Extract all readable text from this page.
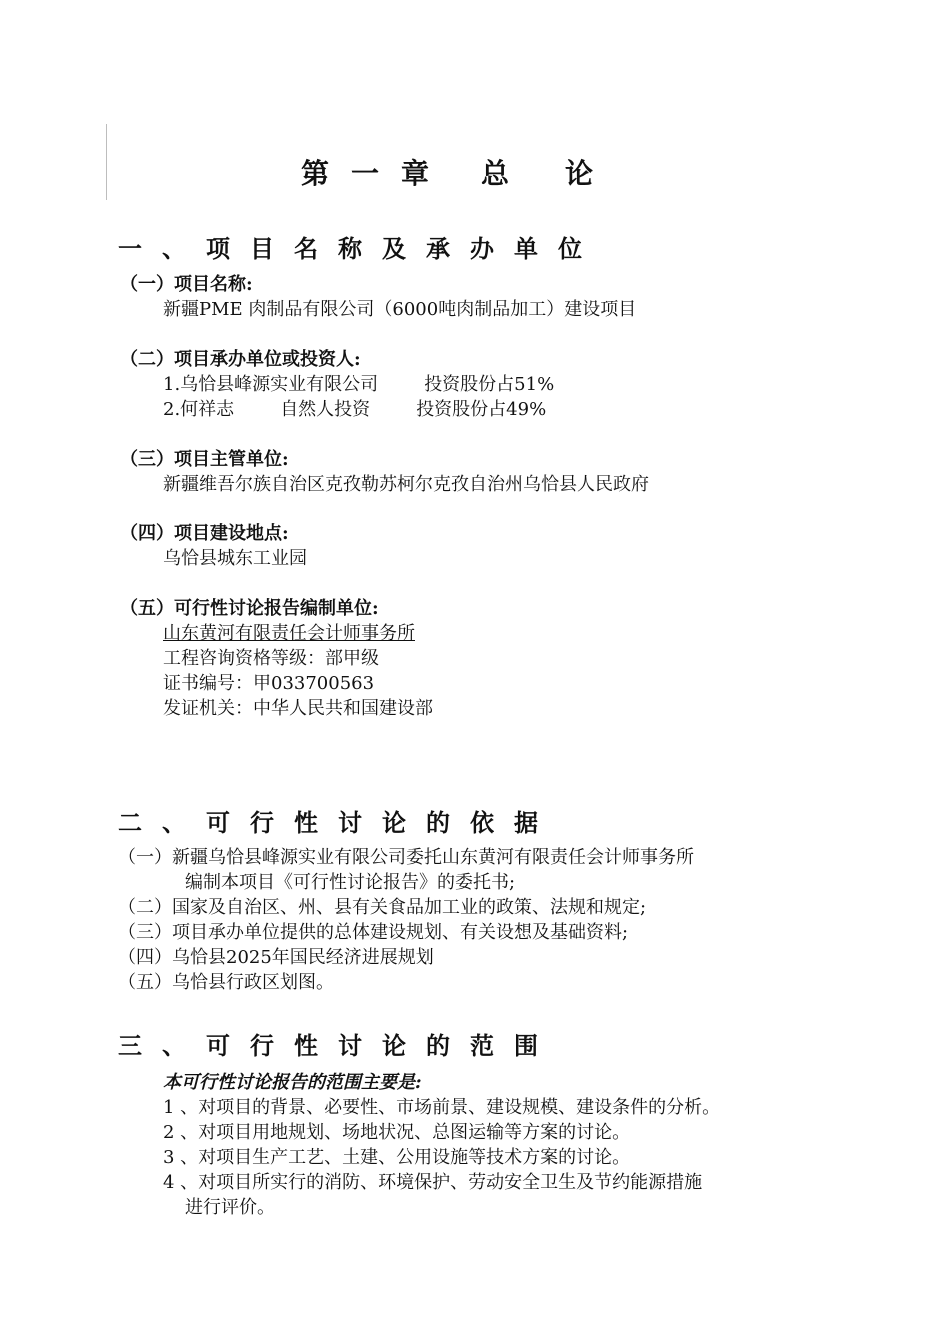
第一章 总论
一、项目名称及承办单位
（一）项目名称:
新疆PME 肉制品有限公司（6000吨肉制品加工）建设项目
（二）项目承办单位或投资人:
1.乌恰县峰源实业有限公司	投资股份占51%
2.何祥志	自然人投资	投资股份占49%
（三）项目主管单位:
新疆维吾尔族自治区克孜勒苏柯尔克孜自治州乌恰县人民政府
（四）项目建设地点:
乌恰县城东工业园
（五）可行性讨论报告编制单位:
山东黄河有限责任会计师事务所
工程咨询资格等级：部甲级
证书编号：甲033700563
发证机关：中华人民共和国建设部
二、可行性讨论的依据
（一）新疆乌恰县峰源实业有限公司委托山东黄河有限责任会计师事务所
编制本项目《可行性讨论报告》的委托书;
（二）国家及自治区、州、县有关食品加工业的政策、法规和规定;
（三）项目承办单位提供的总体建设规划、有关设想及基础资料;
（四）乌恰县2025年国民经济进展规划
（五）乌恰县行政区划图。
三、可行性讨论的范围
本可行性讨论报告的范围主要是:
1 、对项目的背景、必要性、市场前景、建设规模、建设条件的分析。
2 、对项目用地规划、场地状况、总图运输等方案的讨论。
3 、对项目生产工艺、土建、公用设施等技术方案的讨论。
4 、对项目所实行的消防、环境保护、劳动安全卫生及节约能源措施
进行评价。
